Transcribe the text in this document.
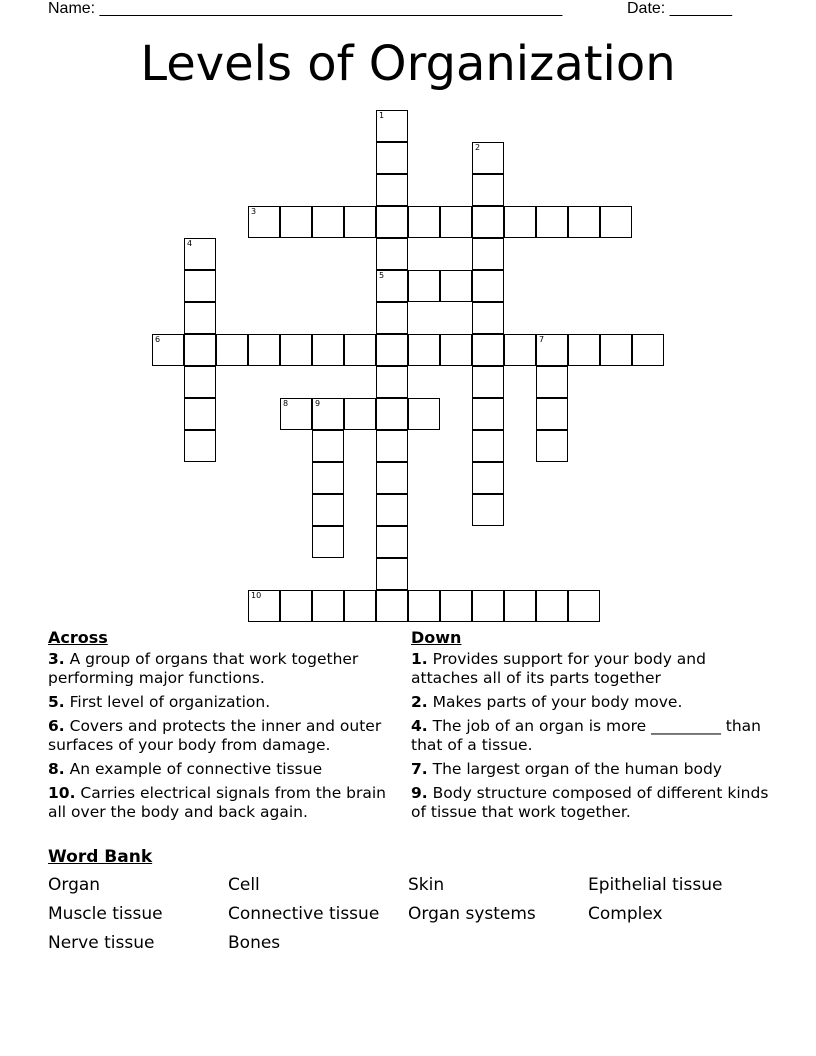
Name: ____________________________________________________	Date: _______
Levels of Organization
1
5
2
3
4
6	7
8	9
10
Across
3. A group of organs that work together performing major functions.
5. First level of organization.
6. Covers and protects the inner and outer surfaces of your body from damage.
8. An example of connective tissue
10. Carries electrical signals from the brain all over the body and back again.
Down
1. Provides support for your body and attaches all of its parts together
2. Makes parts of your body move.
4. The job of an organ is more _________ than that of a tissue.
7. The largest organ of the human body
9. Body structure composed of different kinds of tissue that work together.
Word Bank
Organ	Cell	Skin	Epithelial tissue
Muscle tissue	Connective tissue	Organ systems	Complex
Nerve tissue	Bones
